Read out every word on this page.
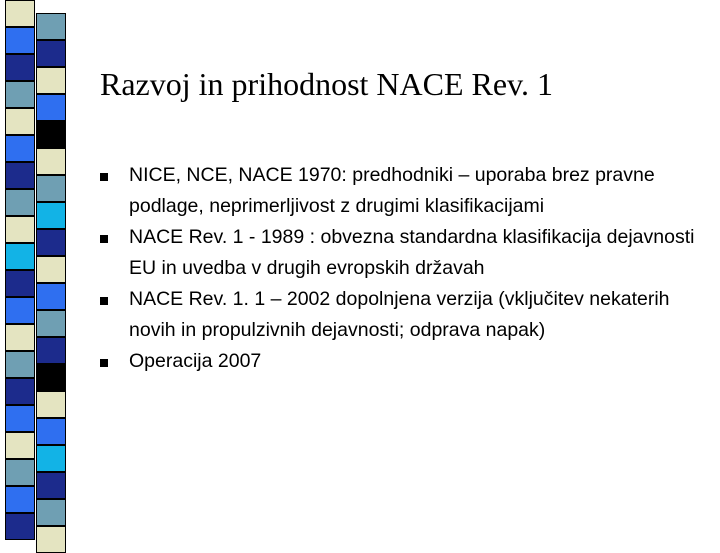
Razvoj in prihodnost NACE Rev. 1
NICE, NCE, NACE 1970: predhodniki – uporaba brez pravne podlage, neprimerljivost z drugimi klasifikacijami
NACE Rev. 1 - 1989 : obvezna standardna klasifikacija dejavnosti EU in uvedba v drugih evropskih državah
NACE Rev. 1. 1 – 2002 dopolnjena verzija (vključitev nekaterih novih in propulzivnih dejavnosti; odprava napak)
Operacija 2007
